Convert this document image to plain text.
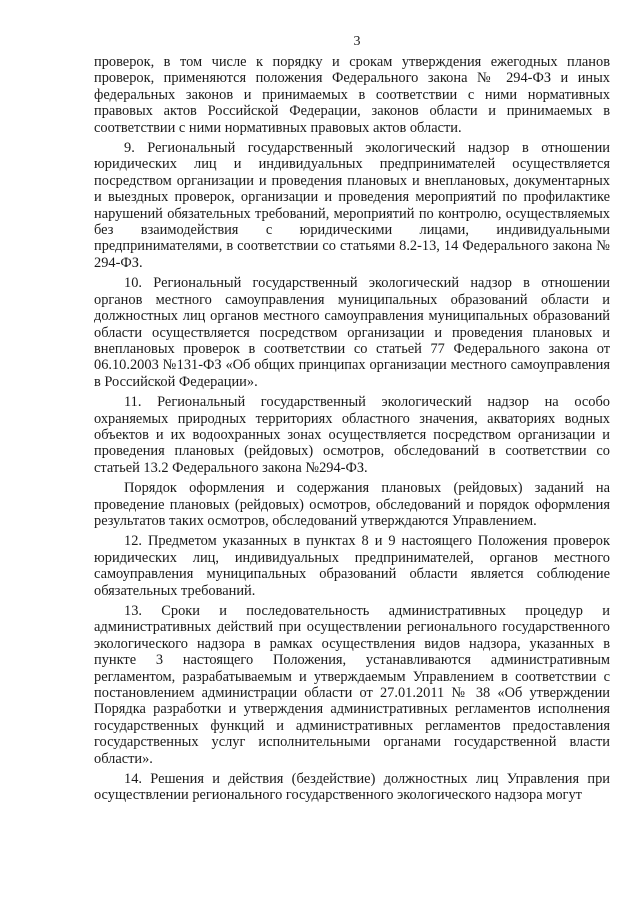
3

проверок, в том числе к порядку и срокам утверждения ежегодных планов проверок, применяются положения Федерального закона № 294-ФЗ и иных федеральных законов и принимаемых в соответствии с ними нормативных правовых актов Российской Федерации, законов области и принимаемых в соответствии с ними нормативных правовых актов области.

9. Региональный государственный экологический надзор в отношении юридических лиц и индивидуальных предпринимателей осуществляется посредством организации и проведения плановых и внеплановых, документарных и выездных проверок, организации и проведения мероприятий по профилактике нарушений обязательных требований, мероприятий по контролю, осуществляемых без взаимодействия с юридическими лицами, индивидуальными предпринимателями, в соответствии со статьями 8.2-13, 14 Федерального закона № 294-ФЗ.

10. Региональный государственный экологический надзор в отношении органов местного самоуправления муниципальных образований области и должностных лиц органов местного самоуправления муниципальных образований области осуществляется посредством организации и проведения плановых и внеплановых проверок в соответствии со статьей 77 Федерального закона от 06.10.2003 №131-ФЗ «Об общих принципах организации местного самоуправления в Российской Федерации».

11. Региональный государственный экологический надзор на особо охраняемых природных территориях областного значения, акваториях водных объектов и их водоохранных зонах осуществляется посредством организации и проведения плановых (рейдовых) осмотров, обследований в соответствии со статьей 13.2 Федерального закона №294-ФЗ.

Порядок оформления и содержания плановых (рейдовых) заданий на проведение плановых (рейдовых) осмотров, обследований и порядок оформления результатов таких осмотров, обследований утверждаются Управлением.

12. Предметом указанных в пунктах 8 и 9 настоящего Положения проверок юридических лиц, индивидуальных предпринимателей, органов местного самоуправления муниципальных образований области является соблюдение обязательных требований.

13. Сроки и последовательность административных процедур и административных действий при осуществлении регионального государственного экологического надзора в рамках осуществления видов надзора, указанных в пункте 3 настоящего Положения, устанавливаются административным регламентом, разрабатываемым и утверждаемым Управлением в соответствии с постановлением администрации области от 27.01.2011 № 38 «Об утверждении Порядка разработки и утверждения административных регламентов исполнения государственных функций и административных регламентов предоставления государственных услуг исполнительными органами государственной власти области».

14. Решения и действия (бездействие) должностных лиц Управления при осуществлении регионального государственного экологического надзора могут
